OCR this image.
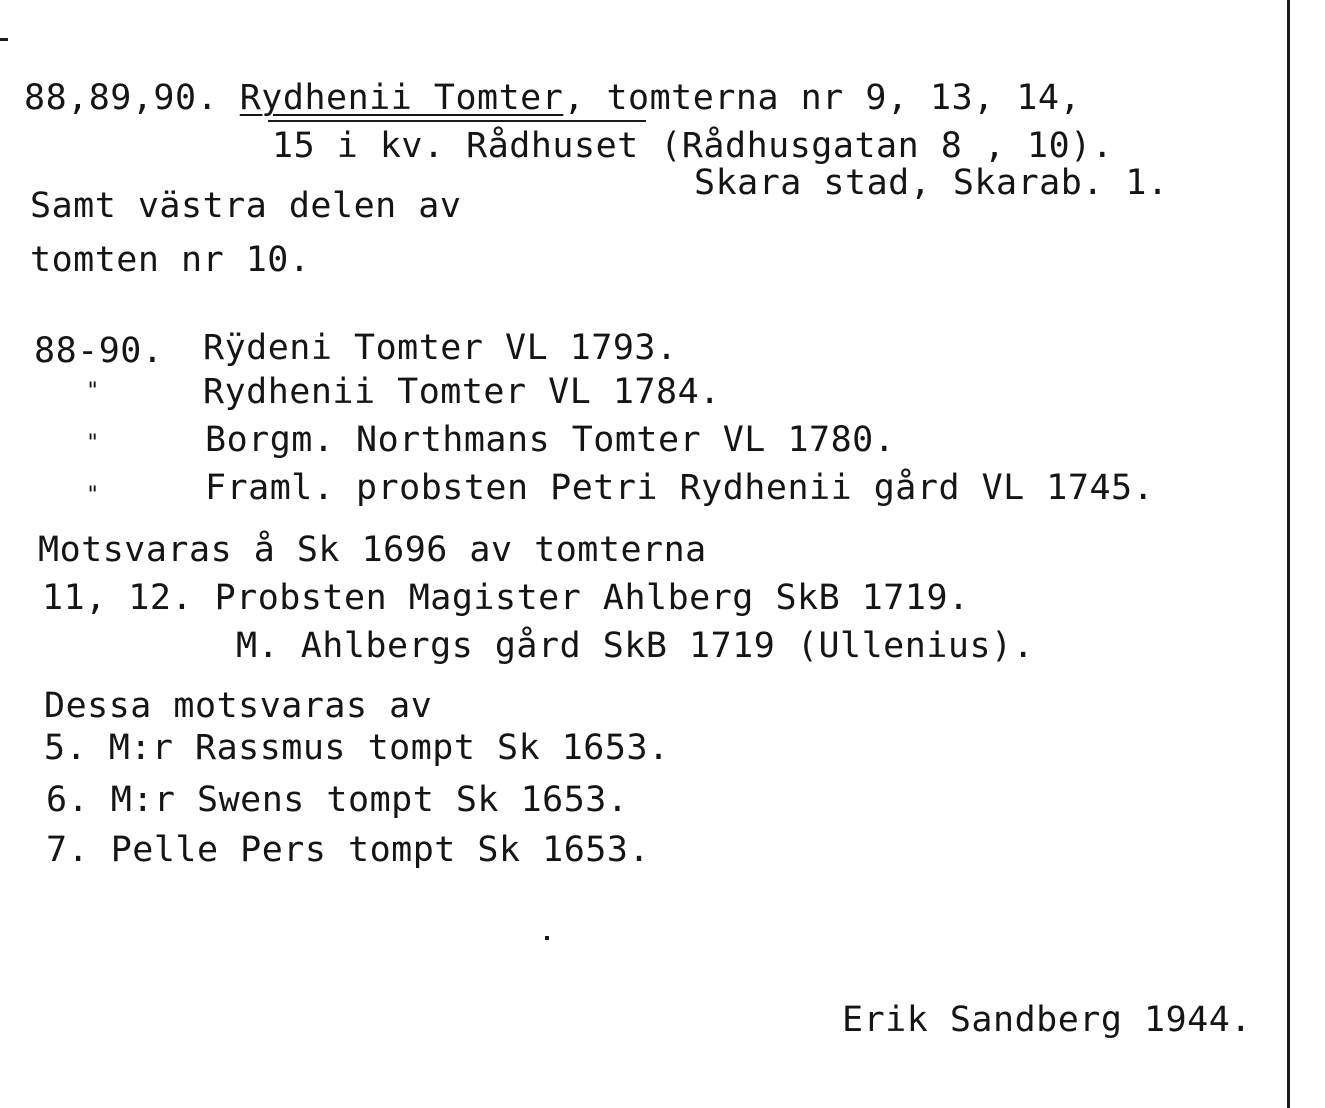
88,89,90. Rydhenii Tomter, tomterna nr 9, 13, 14,
15 i kv. Rådhuset (Rådhusgatan 8 , 10).
Skara stad, Skarab. 1.
Samt västra delen av
tomten nr 10.
88-90. Rÿdeni Tomter VL 1793.
"	Rydhenii Tomter VL 1784.
"	Borgm. Northmans Tomter VL 1780.
"	Framl. probsten Petri Rydhenii gård VL 1745.
Motsvaras å Sk 1696 av tomterna
11, 12. Probsten Magister Ahlberg SkB 1719.
M. Ahlbergs gård SkB 1719 (Ullenius).
Dessa motsvaras av
5. M:r Rassmus tompt Sk 1653.
6. M:r Swens tompt Sk 1653.
7. Pelle Pers tompt Sk 1653.
Erik Sandberg 1944.
